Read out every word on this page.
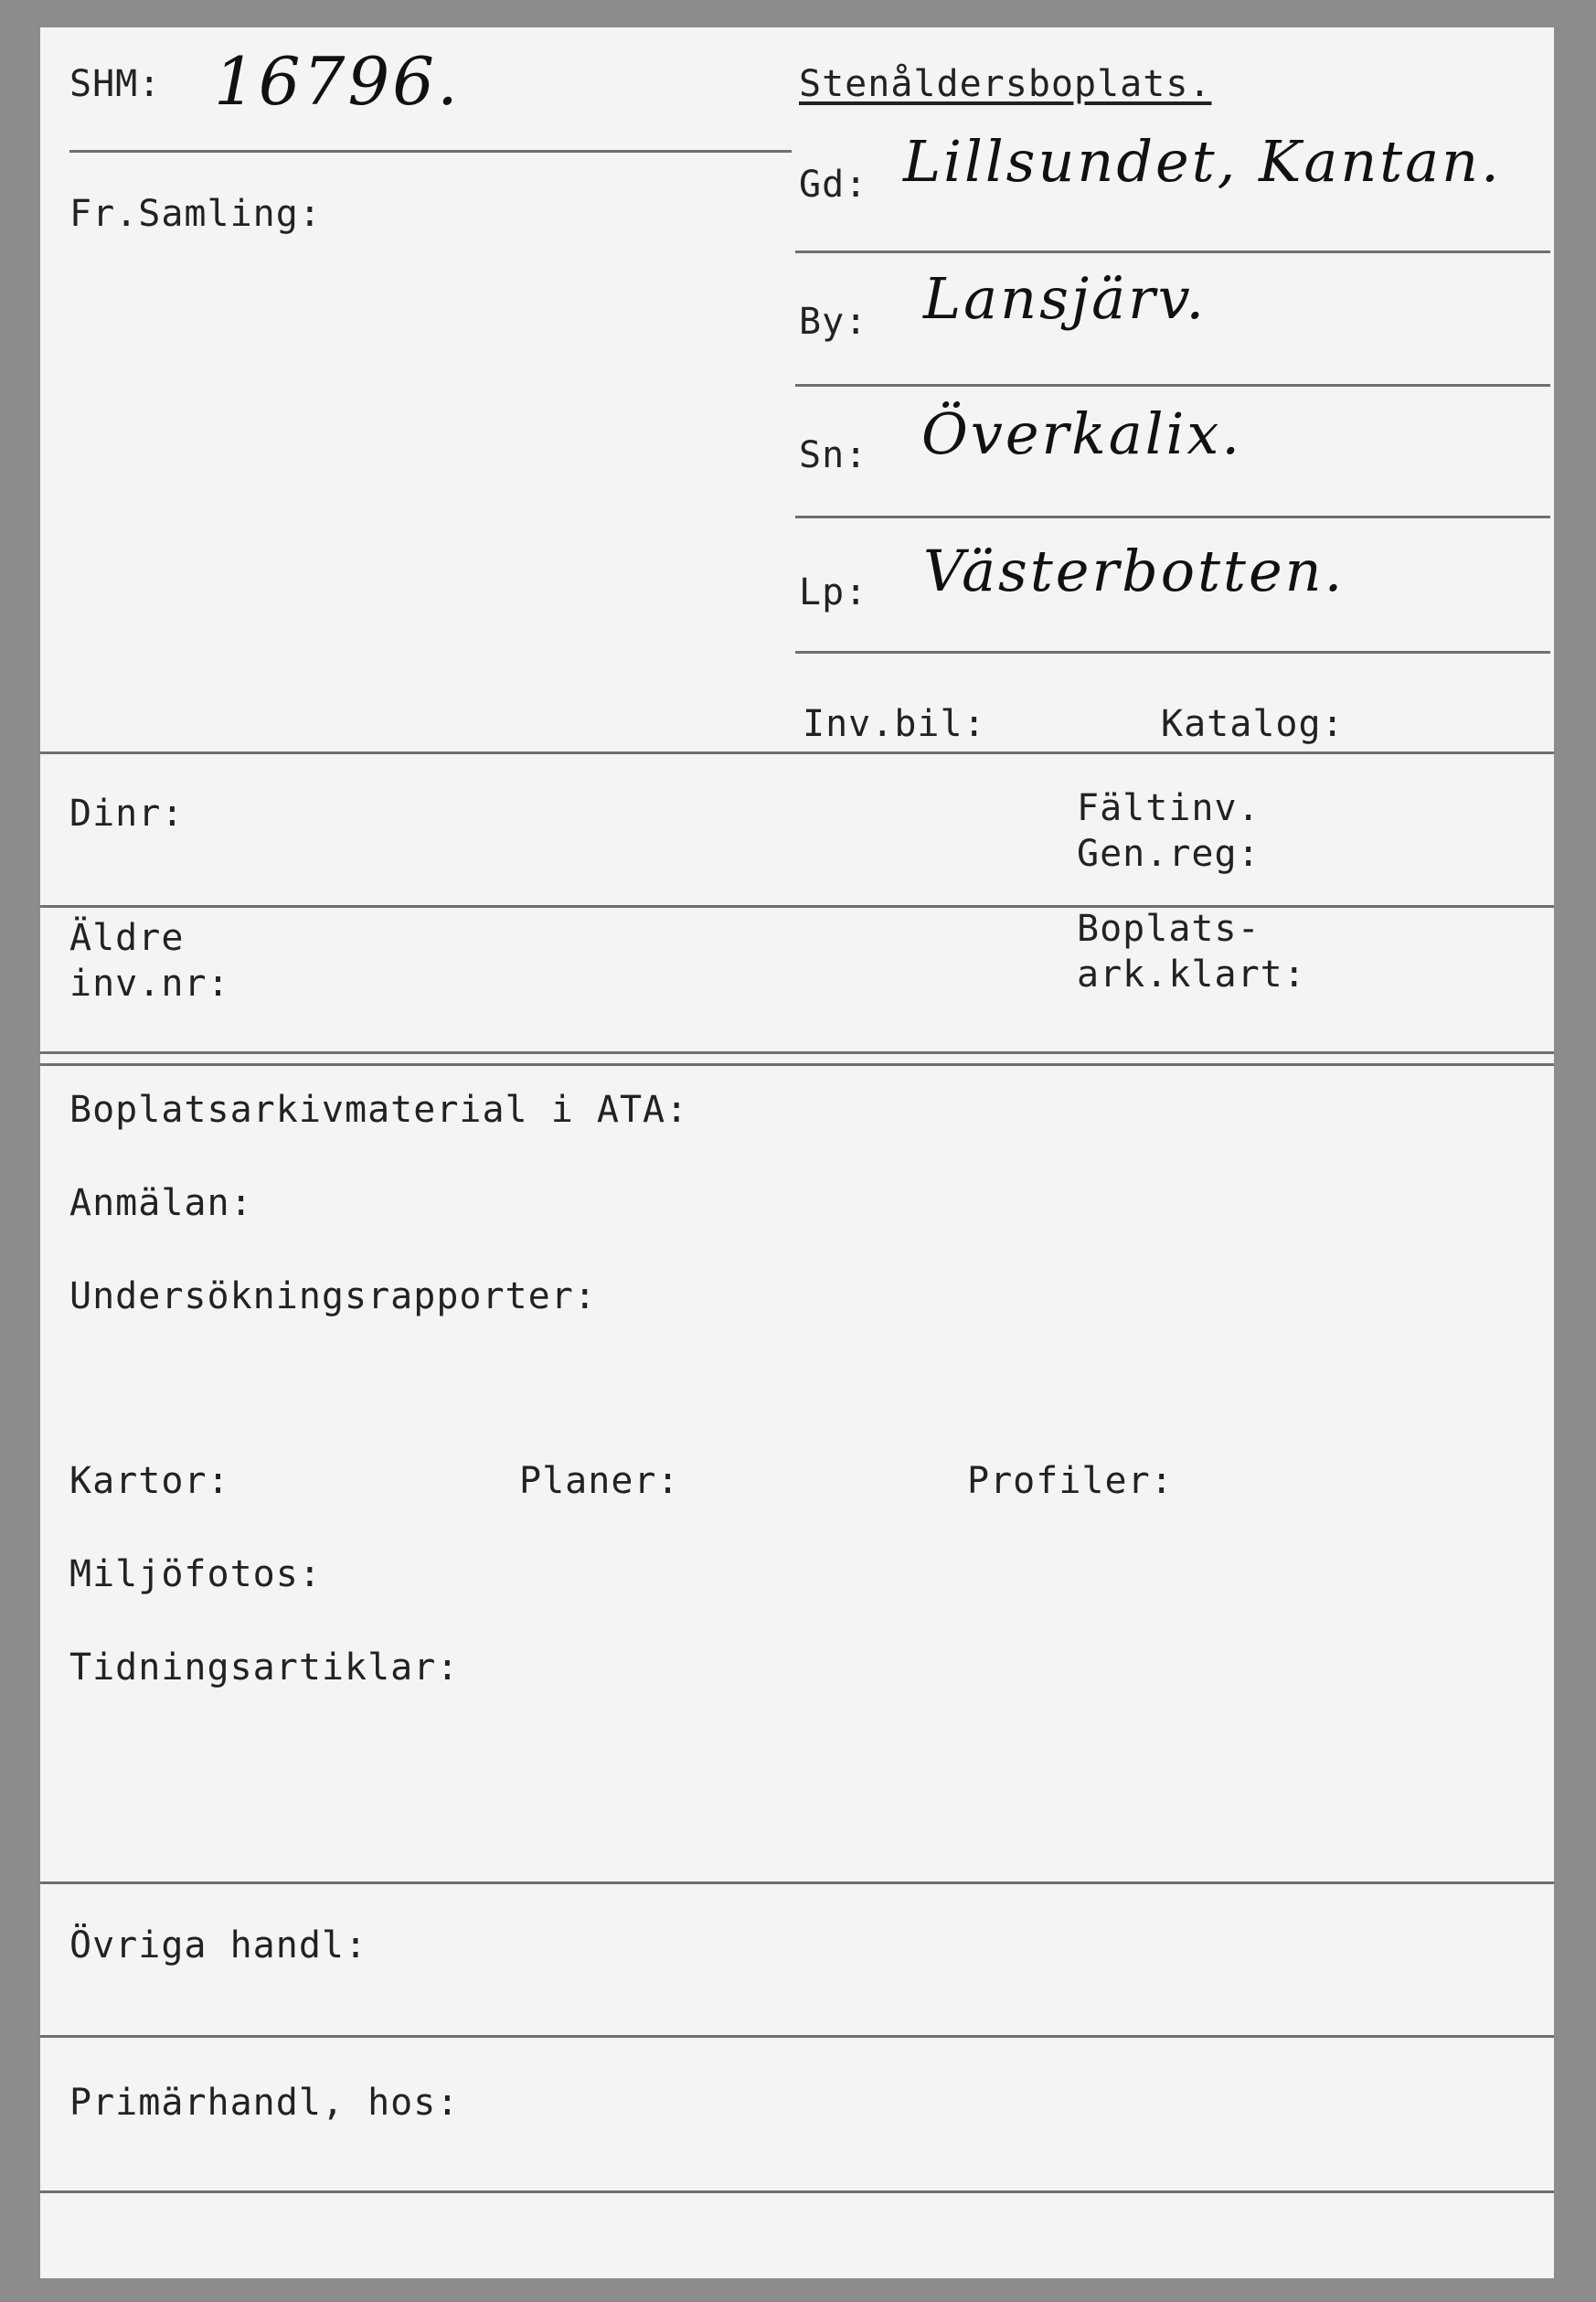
SHM: 16796.
Fr.Samling:
Stenåldersboplats.
Gd: Lillsundet, Kantan.
By: Lansjärv.
Sn: Överkalix.
Lp: Västerbotten.
Inv.bil:	Katalog:
Dinr:	Fältinv.
Gen.reg:
Äldre
inv.nr:
Boplats-
ark.klart:
Boplatsarkivmaterial i ATA:
Anmälan:
Undersökningsrapporter:
Kartor:	Planer:	Profiler:
Miljöfotos:
Tidningsartiklar:
Övriga handl:
Primärhandl, hos:
